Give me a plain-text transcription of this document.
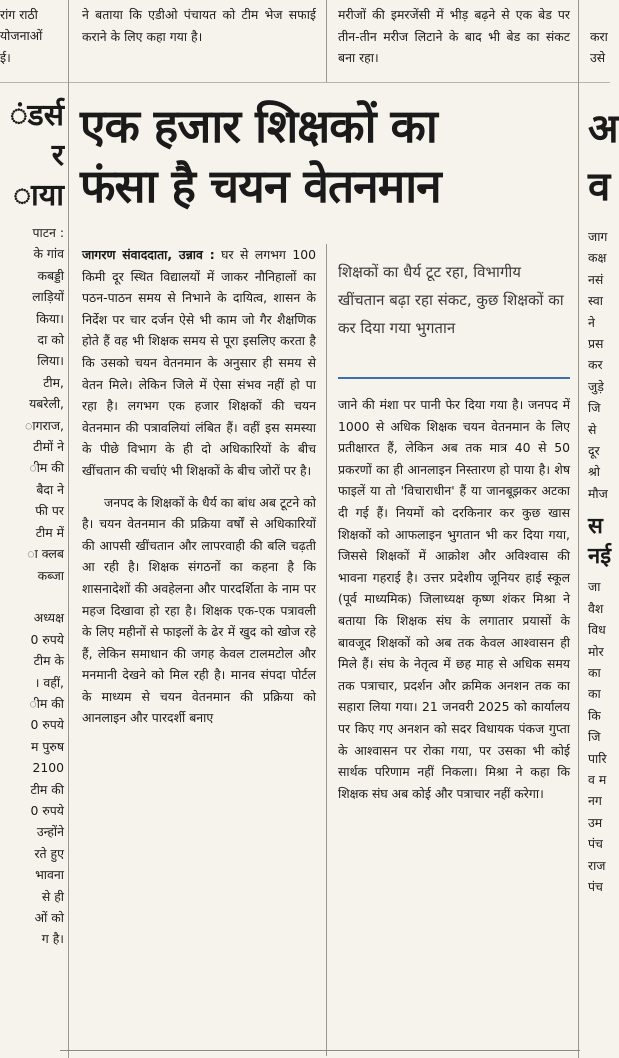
रांग राठी
योजनाओं
ई।
ने बताया कि एडीओ पंचायत को टीम भेज सफाई कराने के लिए कहा गया है।
मरीजों की इमरजेंसी में भीड़ बढ़ने से एक बेड पर तीन-तीन मरीज लिटाने के बाद भी बेड का संकट बना रहा।
करा
उसे
ंडर्स
र
ाया
पाटन :
के गांव
कबड्डी
लाड़ियों
किया।
दा को
लिया।
टीम,
यबरेली,
ागराज,
टीमों ने
ीम की
बैदा ने
फी पर
टीम में
ा क्लब
कब्जा

अध्यक्ष
0 रुपये
टीम के
। वहीं,
ीम की
0 रुपये
म पुरुष
2100
टीम की
0 रुपये
उन्होंने
रते हुए
भावना
से ही
ओं को
ग है।
एक हजार शिक्षकों का
फंसा है चयन वेतनमान

जागरण संवाददाता, उन्नाव : घर से लगभग 100 किमी दूर स्थित विद्यालयों में जाकर नौनिहालों का पठन-पाठन समय से निभाने के दायित्व, शासन के निर्देश पर चार दर्जन ऐसे भी काम जो गैर शैक्षणिक होते हैं वह भी शिक्षक समय से पूरा इसलिए करता है कि उसको चयन वेतनमान के अनुसार ही समय से वेतन मिले। लेकिन जिले में ऐसा संभव नहीं हो पा रहा है। लगभग एक हजार शिक्षकों की चयन वेतनमान की पत्रावलियां लंबित हैं। वहीं इस समस्या के पीछे विभाग के ही दो अधिकारियों के बीच खींचतान की चर्चाएं भी शिक्षकों के बीच जोरों पर है।

जनपद के शिक्षकों के धैर्य का बांध अब टूटने को है। चयन वेतनमान की प्रक्रिया वर्षों से अधिकारियों की आपसी खींचतान और लापरवाही की बलि चढ़ती आ रही है। शिक्षक संगठनों का कहना है कि शासनादेशों की अवहेलना और पारदर्शिता के नाम पर महज दिखावा हो रहा है। शिक्षक एक-एक पत्रावली के लिए महीनों से फाइलों के ढेर में खुद को खोज रहे हैं, लेकिन समाधान की जगह केवल टालमटोल और मनमानी देखने को मिल रही है। मानव संपदा पोर्टल के माध्यम से चयन वेतनमान की प्रक्रिया को आनलाइन और पारदर्शी बनाए

शिक्षकों का धैर्य टूट रहा, विभागीय खींचतान बढ़ा रहा संकट, कुछ शिक्षकों का कर दिया गया भुगतान
जाने की मंशा पर पानी फेर दिया गया है। जनपद में 1000 से अधिक शिक्षक चयन वेतनमान के लिए प्रतीक्षारत हैं, लेकिन अब तक मात्र 40 से 50 प्रकरणों का ही आनलाइन निस्तारण हो पाया है। शेष फाइलें या तो 'विचाराधीन' हैं या जानबूझकर अटका दी गई हैं। नियमों को दरकिनार कर कुछ खास शिक्षकों को आफलाइन भुगतान भी कर दिया गया, जिससे शिक्षकों में आक्रोश और अविश्वास की भावना गहराई है। उत्तर प्रदेशीय जूनियर हाई स्कूल (पूर्व माध्यमिक) जिलाध्यक्ष कृष्ण शंकर मिश्रा ने बताया कि शिक्षक संघ के लगातार प्रयासों के बावजूद शिक्षकों को अब तक केवल आश्वासन ही मिले हैं। संघ के नेतृत्व में छह माह से अधिक समय तक पत्राचार, प्रदर्शन और क्रमिक अनशन तक का सहारा लिया गया। 21 जनवरी 2025 को कार्यालय पर किए गए अनशन को सदर विधायक पंकज गुप्ता के आश्वासन पर रोका गया, पर उसका भी कोई सार्थक परिणाम नहीं निकला। मिश्रा ने कहा कि शिक्षक संघ अब कोई और पत्राचार नहीं करेगा।
अ
व
जाग
कक्ष
नसं
स्वा
ने
प्रस
कर
जुड़े
जि
से
दूर
श्रो
मौज
स
नई
जा
वैश
विध
मोर
का
का
कि
जि
पारि
व म
नग
उम
पंच
राज
पंच
